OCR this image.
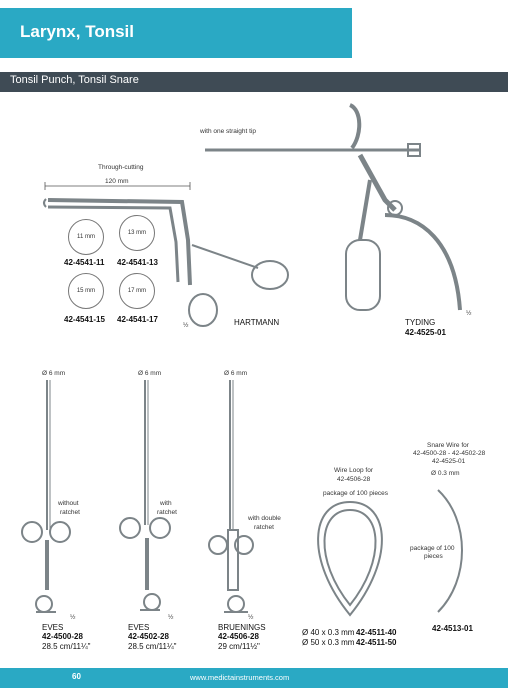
Larynx, Tonsil
Tonsil Punch, Tonsil Snare
Through-cutting
120 mm
11 mm
13 mm
15 mm	17 mm
42-4541-11 42-4541-13
42-4541-15 42-4541-17
½	HARTMANN
with one straight tip
TYDING
42-4525-01
½
Ø 6 mm
without
ratchet
½
EVES
42-4500-28
28.5 cm/11¼"
Ø 6 mm
with
ratchet
½
EVES
42-4502-28
28.5 cm/11¼"
Ø 6 mm
with double
ratchet
½
BRUENINGS
42-4506-28
29 cm/11½"
Wire Loop for
42-4506-28
package of 100 pieces
Ø 40 x 0.3 mm 42-4511-40
Ø 50 x 0.3 mm 42-4511-50
Snare Wire for
42-4500-28 - 42-4502-28
42-4525-01
Ø 0.3 mm
package of 100
pieces
42-4513-01
60	www.medictainstruments.com
